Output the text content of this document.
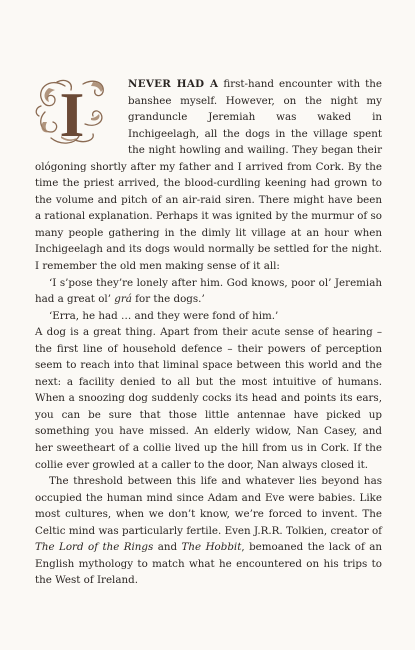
I	NEVER HAD A first-hand encounter with the banshee myself. However, on the night my granduncle Jeremiah was waked in Inchigeelagh, all the dogs in the village spent the night howling and wailing. They began their ológoning shortly after my father and I arrived from Cork. By the time the priest arrived, the blood-curdling keening had grown to the volume and pitch of an air-raid siren. There might have been a rational explanation. Perhaps it was ignited by the murmur of so many people gathering in the dimly lit village at an hour when Inchigeelagh and its dogs would normally be settled for the night. I remember the old men making sense of it all:

‘I s’pose they’re lonely after him. God knows, poor ol’ Jeremiah had a great ol’ grá for the dogs.’

‘Erra, he had … and they were fond of him.’

A dog is a great thing. Apart from their acute sense of hearing – the first line of household defence – their powers of perception seem to reach into that liminal space between this world and the next: a facility denied to all but the most intuitive of humans. When a snoozing dog suddenly cocks its head and points its ears, you can be sure that those little antennae have picked up something you have missed. An elderly widow, Nan Casey, and her sweetheart of a collie lived up the hill from us in Cork. If the collie ever growled at a caller to the door, Nan always closed it.

The threshold between this life and whatever lies beyond has occupied the human mind since Adam and Eve were babies. Like most cultures, when we don’t know, we’re forced to invent. The Celtic mind was particularly fertile. Even J.R.R. Tolkien, creator of The Lord of the Rings and The Hobbit, bemoaned the lack of an English mythology to match what he encountered on his trips to the West of Ireland.
